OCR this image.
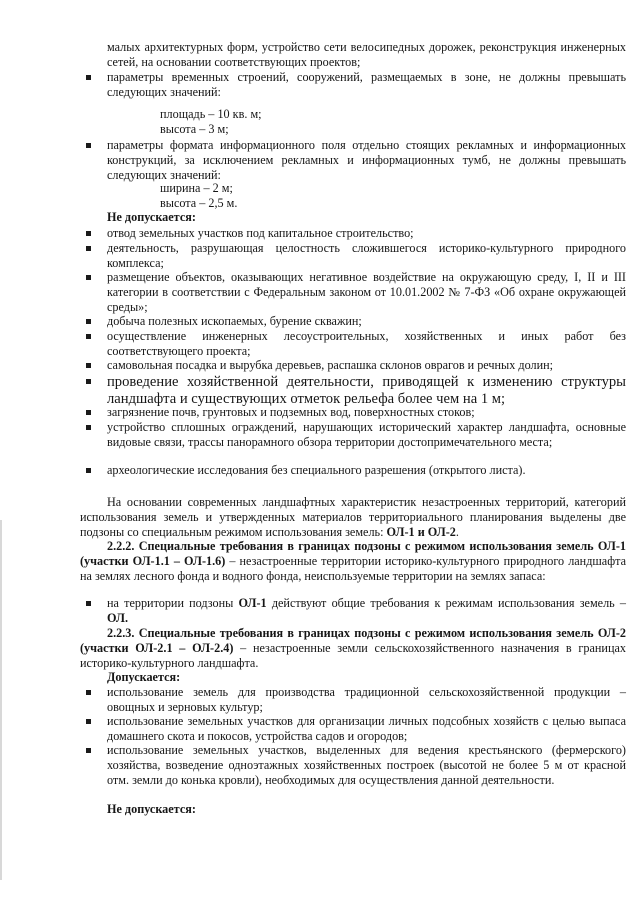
малых архитектурных форм, устройство сети велосипедных дорожек, реконструкция инженерных сетей, на основании соответствующих проектов;

параметры временных строений, сооружений, размещаемых в зоне, не должны превышать следующих значений:

площадь – 10 кв. м;

высота – 3 м;

параметры формата информационного поля отдельно стоящих рекламных и информационных конструкций, за исключением рекламных и информационных тумб, не должны превышать следующих значений:

ширина – 2 м;

высота – 2,5 м.

Не допускается:

отвод земельных участков под капитальное строительство;

деятельность, разрушающая целостность сложившегося историко-культурного природного комплекса;

размещение объектов, оказывающих негативное воздействие на окружающую среду, I, II и III категории в соответствии с Федеральным законом от 10.01.2002 № 7-ФЗ «Об охране окружающей среды»;

добыча полезных ископаемых, бурение скважин;

осуществление инженерных лесоустроительных, хозяйственных и иных работ без соответствующего проекта;

самовольная посадка и вырубка деревьев, распашка склонов оврагов и речных долин;

проведение хозяйственной деятельности, приводящей к изменению структуры ландшафта и существующих отметок рельефа более чем на 1 м;

загрязнение почв, грунтовых и подземных вод, поверхностных стоков;

устройство сплошных ограждений, нарушающих исторический характер ландшафта, основные видовые связи, трассы панорамного обзора территории достопримечательного места;

археологические исследования без специального разрешения (открытого листа).

На основании современных ландшафтных характеристик незастроенных территорий, категорий использования земель и утвержденных материалов территориального планирования выделены две подзоны со специальным режимом использования земель: ОЛ-1 и ОЛ-2.

2.2.2. Специальные требования в границах подзоны с режимом использования земель ОЛ-1 (участки ОЛ-1.1 – ОЛ-1.6) – незастроенные территории историко-культурного природного ландшафта на землях лесного фонда и водного фонда, неиспользуемые территории на землях запаса:

на территории подзоны ОЛ-1 действуют общие требования к режимам использования земель – ОЛ.

2.2.3. Специальные требования в границах подзоны с режимом использования земель ОЛ-2 (участки ОЛ-2.1 – ОЛ-2.4) – незастроенные земли сельскохозяйственного назначения в границах историко-культурного ландшафта.

Допускается:

использование земель для производства традиционной сельскохозяйственной продукции – овощных и зерновых культур;

использование земельных участков для организации личных подсобных хозяйств с целью выпаса домашнего скота и покосов, устройства садов и огородов;

использование земельных участков, выделенных для ведения крестьянского (фермерского) хозяйства, возведение одноэтажных хозяйственных построек (высотой не более 5 м от красной отм. земли до конька кровли), необходимых для осуществления данной деятельности.

Не допускается:
